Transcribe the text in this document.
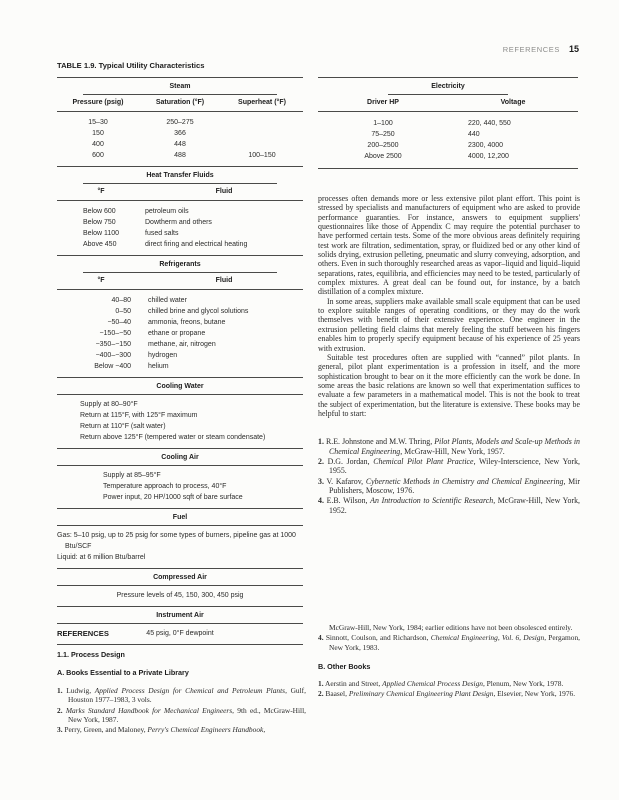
REFERENCES 15
TABLE 1.9. Typical Utility Characteristics
Steam
Pressure (psig)	Saturation (°F)	Superheat (°F)
15–30	250–275	
150	366	
400	448	
600	488	100–150
Heat Transfer Fluids
°F	Fluid
Below 600	petroleum oils
Below 750	Dowtherm and others
Below 1100	fused salts
Above 450	direct firing and electrical heating
Refrigerants
°F	Fluid
40–80	chilled water
0–50	chilled brine and glycol solutions
−50–40	ammonia, freons, butane
−150–−50	ethane or propane
−350–−150	methane, air, nitrogen
−400–−300	hydrogen
Below −400	helium
Cooling Water
Supply at 80–90°F
Return at 115°F, with 125°F maximum
Return at 110°F (salt water)
Return above 125°F (tempered water or steam condensate)
Cooling Air
Supply at 85–95°F
Temperature approach to process, 40°F
Power input, 20 HP/1000 sqft of bare surface
Fuel
Gas: 5–10 psig, up to 25 psig for some types of burners, pipeline gas at 1000 Btu/SCF
Liquid: at 6 million Btu/barrel
Compressed Air
Pressure levels of 45, 150, 300, 450 psig
Instrument Air
45 psig, 0°F dewpoint
Electricity
Driver HP	Voltage
1–100	220, 440, 550
75–250	440
200–2500	2300, 4000
Above 2500	4000, 12,200

processes often demands more or less extensive pilot plant effort. This point is stressed by specialists and manufacturers of equipment who are asked to provide performance guaranties. For instance, answers to equipment suppliers' questionnaires like those of Appendix C may require the potential purchaser to have performed certain tests. Some of the more obvious areas definitely requiring test work are filtration, sedimentation, spray, or fluidized bed or any other kind of solids drying, extrusion pelleting, pneumatic and slurry conveying, adsorption, and others. Even in such thoroughly researched areas as vapor–liquid and liquid–liquid separations, rates, equilibria, and efficiencies may need to be tested, particularly of complex mixtures. A great deal can be found out, for instance, by a batch distillation of a complex mixture.

In some areas, suppliers make available small scale equipment that can be used to explore suitable ranges of operating conditions, or they may do the work themselves with benefit of their extensive experience. One engineer in the extrusion pelleting field claims that merely feeling the stuff between his fingers enables him to properly specify equipment because of his experience of 25 years with extrusion.

Suitable test procedures often are supplied with “canned” pilot plants. In general, pilot plant experimentation is a profession in itself, and the more sophistication brought to bear on it the more efficiently can the work be done. In some areas the basic relations are known so well that experimentation suffices to evaluate a few parameters in a mathematical model. This is not the book to treat the subject of experimentation, but the literature is extensive. These books may be helpful to start:

1. R.E. Johnstone and M.W. Thring, Pilot Plants, Models and Scale-up Methods in Chemical Engineering, McGraw-Hill, New York, 1957.
2. D.G. Jordan, Chemical Pilot Plant Practice, Wiley-Interscience, New York, 1955.
3. V. Kafarov, Cybernetic Methods in Chemistry and Chemical Engineering, Mir Publishers, Moscow, 1976.
4. E.B. Wilson, An Introduction to Scientific Research, McGraw-Hill, New York, 1952.
REFERENCES
1.1. Process Design
A. Books Essential to a Private Library
1. Ludwig, Applied Process Design for Chemical and Petroleum Plants, Gulf, Houston 1977–1983, 3 vols.
2. Marks Standard Handbook for Mechanical Engineers, 9th ed., McGraw-Hill, New York, 1987.
3. Perry, Green, and Maloney, Perry's Chemical Engineers Handbook,
McGraw-Hill, New York, 1984; earlier editions have not been obsolesced entirely.
4. Sinnott, Coulson, and Richardson, Chemical Engineering, Vol. 6, Design, Pergamon, New York, 1983.
B. Other Books
1. Aerstin and Street, Applied Chemical Process Design, Plenum, New York, 1978.
2. Baasel, Preliminary Chemical Engineering Plant Design, Elsevier, New York, 1976.
